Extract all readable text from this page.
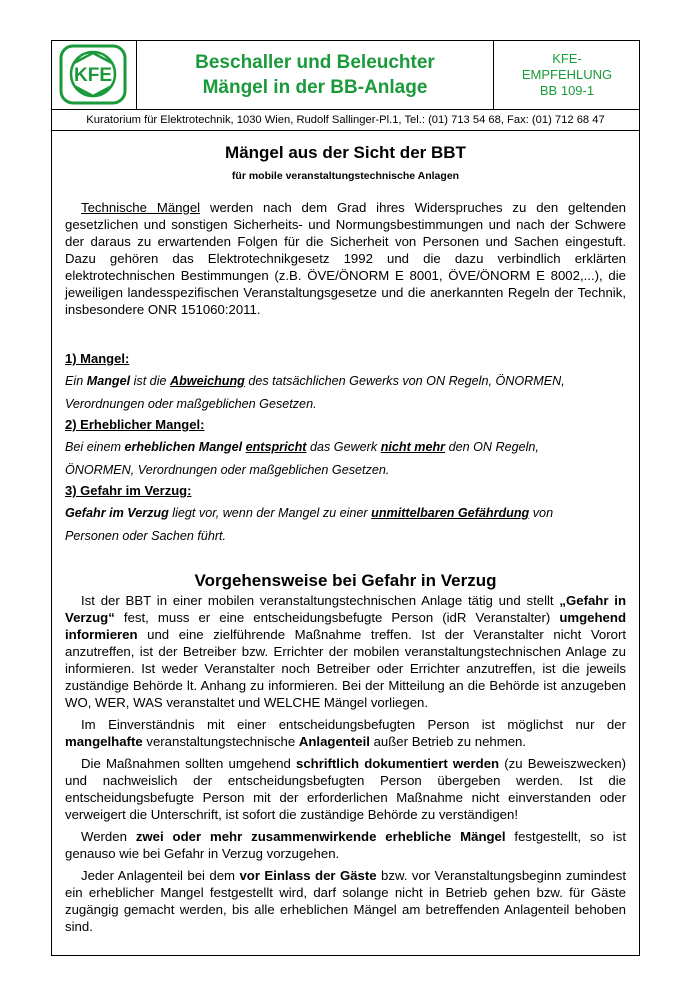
KFE
Beschaller und Beleuchter
Mängel in der BB-Anlage
KFE-
EMPFEHLUNG
BB 109-1
Kuratorium für Elektrotechnik, 1030 Wien, Rudolf Sallinger-Pl.1, Tel.: (01) 713 54 68, Fax: (01) 712 68 47

Mängel aus der Sicht der BBT

für mobile veranstaltungstechnische Anlagen

Technische Mängel werden nach dem Grad ihres Widerspruches zu den geltenden gesetzlichen und sonstigen Sicherheits- und Normungsbestimmungen und nach der Schwere der daraus zu erwartenden Folgen für die Sicherheit von Personen und Sachen eingestuft. Dazu gehören das Elektrotechnikgesetz 1992 und die dazu verbindlich erklärten elektrotechnischen Bestimmungen (z.B. ÖVE/ÖNORM E 8001, ÖVE/ÖNORM E 8002,...), die jeweiligen landesspezifischen Veranstaltungsgesetze und die anerkannten Regeln der Technik, insbesondere ONR 151060:2011.

1) Mangel:

Ein Mangel ist die Abweichung des tatsächlichen Gewerks von ON Regeln, ÖNORMEN,

Verordnungen oder maßgeblichen Gesetzen.

2) Erheblicher Mangel:

Bei einem erheblichen Mangel entspricht das Gewerk nicht mehr den ON Regeln,

ÖNORMEN, Verordnungen oder maßgeblichen Gesetzen.

3) Gefahr im Verzug:

Gefahr im Verzug liegt vor, wenn der Mangel zu einer unmittelbaren Gefährdung von

Personen oder Sachen führt.

Vorgehensweise bei Gefahr in Verzug

Ist der BBT in einer mobilen veranstaltungstechnischen Anlage tätig und stellt „Gefahr in Verzug“ fest, muss er eine entscheidungsbefugte Person (idR Veranstalter) umgehend informieren und eine zielführende Maßnahme treffen. Ist der Veranstalter nicht Vorort anzutreffen, ist der Betreiber bzw. Errichter der mobilen veranstaltungstechnischen Anlage zu informieren. Ist weder Veranstalter noch Betreiber oder Errichter anzutreffen, ist die jeweils zuständige Behörde lt. Anhang zu informieren. Bei der Mitteilung an die Behörde ist anzugeben WO, WER, WAS veranstaltet und WELCHE Mängel vorliegen.

Im Einverständnis mit einer entscheidungsbefugten Person ist möglichst nur der mangelhafte veranstaltungstechnische Anlagenteil außer Betrieb zu nehmen.

Die Maßnahmen sollten umgehend schriftlich dokumentiert werden (zu Beweiszwecken) und nachweislich der entscheidungsbefugten Person übergeben werden. Ist die entscheidungsbefugte Person mit der erforderlichen Maßnahme nicht einverstanden oder verweigert die Unterschrift, ist sofort die zuständige Behörde zu verständigen!

Werden zwei oder mehr zusammenwirkende erhebliche Mängel festgestellt, so ist genauso wie bei Gefahr in Verzug vorzugehen.

Jeder Anlagenteil bei dem vor Einlass der Gäste bzw. vor Veranstaltungsbeginn zumindest ein erheblicher Mangel festgestellt wird, darf solange nicht in Betrieb gehen bzw. für Gäste zugängig gemacht werden, bis alle erheblichen Mängel am betreffenden Anlagenteil behoben sind.
